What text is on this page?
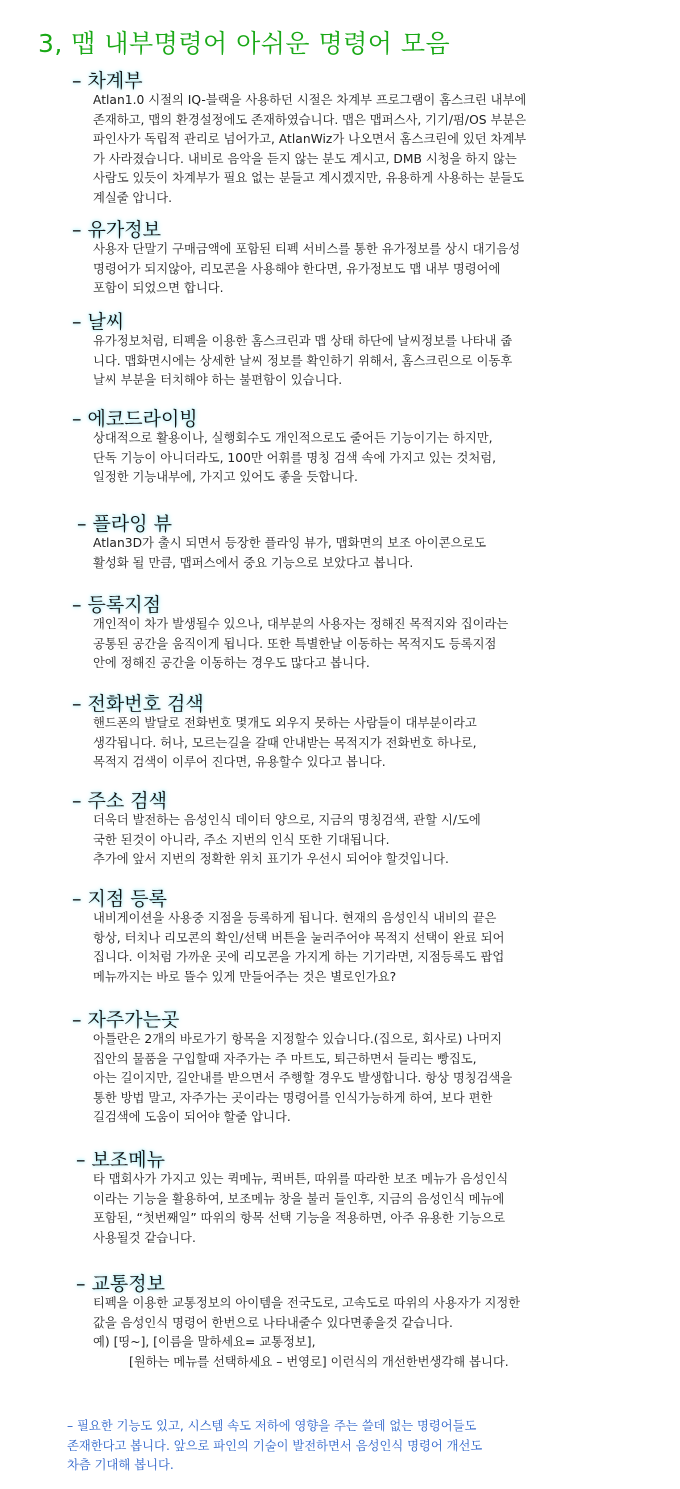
3, 맵 내부명령어 아쉬운 명령어 모음
– 차계부
Atlan1.0 시절의 IQ-블랙을 사용하던 시절은 차계부 프로그램이 홈스크린 내부에
존재하고, 맵의 환경설정에도 존재하였습니다. 맵은 맵퍼스사, 기기/펌/OS 부분은
파인사가 독립적 관리로 넘어가고, AtlanWiz가 나오면서 홈스크린에 있던 차계부
가 사라졌습니다. 내비로 음악을 듣지 않는 분도 계시고, DMB 시청을 하지 않는
사람도 있듯이 차계부가 필요 없는 분들고 계시겠지만, 유용하게 사용하는 분들도
계실줄 압니다.
– 유가정보
사용자 단말기 구매금액에 포함된 티펙 서비스를 통한 유가정보를 상시 대기음성
명령어가 되지않아, 리모콘을 사용해야 한다면, 유가정보도 맵 내부 명령어에
포함이 되었으면 합니다.
– 날씨
유가정보처럼, 티펙을 이용한 홈스크린과 맵 상태 하단에 날씨정보를 나타내 줍
니다. 맵화면시에는 상세한 날씨 정보를 확인하기 위해서, 홈스크린으로 이동후
날씨 부분을 터치해야 하는 불편함이 있습니다.
– 에코드라이빙
상대적으로 활용이나, 실행회수도 개인적으로도 줄어든 기능이기는 하지만,
단독 기능이 아니더라도, 100만 어휘를 명칭 검색 속에 가지고 있는 것처럼,
일정한 기능내부에, 가지고 있어도 좋을 듯합니다.
– 플라잉 뷰
Atlan3D가 출시 되면서 등장한 플라잉 뷰가, 맵화면의 보조 아이콘으로도
활성화 될 만큼, 맵퍼스에서 중요 기능으로 보았다고 봅니다.
– 등록지점
개인적이 차가 발생될수 있으나, 대부분의 사용자는 정해진 목적지와 집이라는
공통된 공간을 움직이게 됩니다. 또한 특별한날 이동하는 목적지도 등록지점
안에 정해진 공간을 이동하는 경우도 많다고 봅니다.
– 전화번호 검색
핸드폰의 발달로 전화번호 몇개도 외우지 못하는 사람들이 대부분이라고
생각됩니다. 허나, 모르는길을 갈때 안내받는 목적지가 전화번호 하나로,
목적지 검색이 이루어 진다면, 유용할수 있다고 봅니다.
– 주소 검색
더욱더 발전하는 음성인식 데이터 양으로, 지금의 명칭검색, 관할 시/도에
국한 된것이 아니라, 주소 지번의 인식 또한 기대됩니다.
추가에 앞서 지번의 정확한 위치 표기가 우선시 되어야 할것입니다.
– 지점 등록
내비게이션을 사용중 지점을 등록하게 됩니다. 현재의 음성인식 내비의 끝은
항상, 터치나 리모콘의 확인/선택 버튼을 눌러주어야 목적지 선택이 완료 되어
집니다. 이처럼 가까운 곳에 리모콘을 가지게 하는 기기라면, 지점등록도 팝업
메뉴까지는 바로 뜰수 있게 만들어주는 것은 별로인가요?
– 자주가는곳
아틀란은 2개의 바로가기 항목을 지정할수 있습니다.(집으로, 회사로) 나머지
집안의 물품을 구입할때 자주가는 주 마트도, 퇴근하면서 들리는 빵집도,
아는 길이지만, 길안내를 받으면서 주행할 경우도 발생합니다. 항상 명칭검색을
통한 방법 말고, 자주가는 곳이라는 명령어를 인식가능하게 하여, 보다 편한
길검색에 도움이 되어야 할줄 압니다.
– 보조메뉴
타 맵회사가 가지고 있는 퀵메뉴, 퀵버튼, 따위를 따라한 보조 메뉴가 음성인식
이라는 기능을 활용하여, 보조메뉴 창을 불러 들인후, 지금의 음성인식 메뉴에
포함된, “첫번째일” 따위의 항목 선택 기능을 적용하면, 아주 유용한 기능으로
사용될것 같습니다.
– 교통정보
티펙을 이용한 교통정보의 아이템을 전국도로, 고속도로 따위의 사용자가 지정한
값을 음성인식 명령어 한번으로 나타내줄수 있다면좋을것 같습니다.
예) [띵~], [이름을 말하세요= 교통정보],
[원하는 메뉴를 선택하세요 – 번영로] 이런식의 개선한번생각해 봅니다.
– 필요한 기능도 있고, 시스템 속도 저하에 영향을 주는 쓸데 없는 명령어들도
존재한다고 봅니다. 앞으로 파인의 기술이 발전하면서 음성인식 명령어 개선도
차츰 기대해 봅니다.
